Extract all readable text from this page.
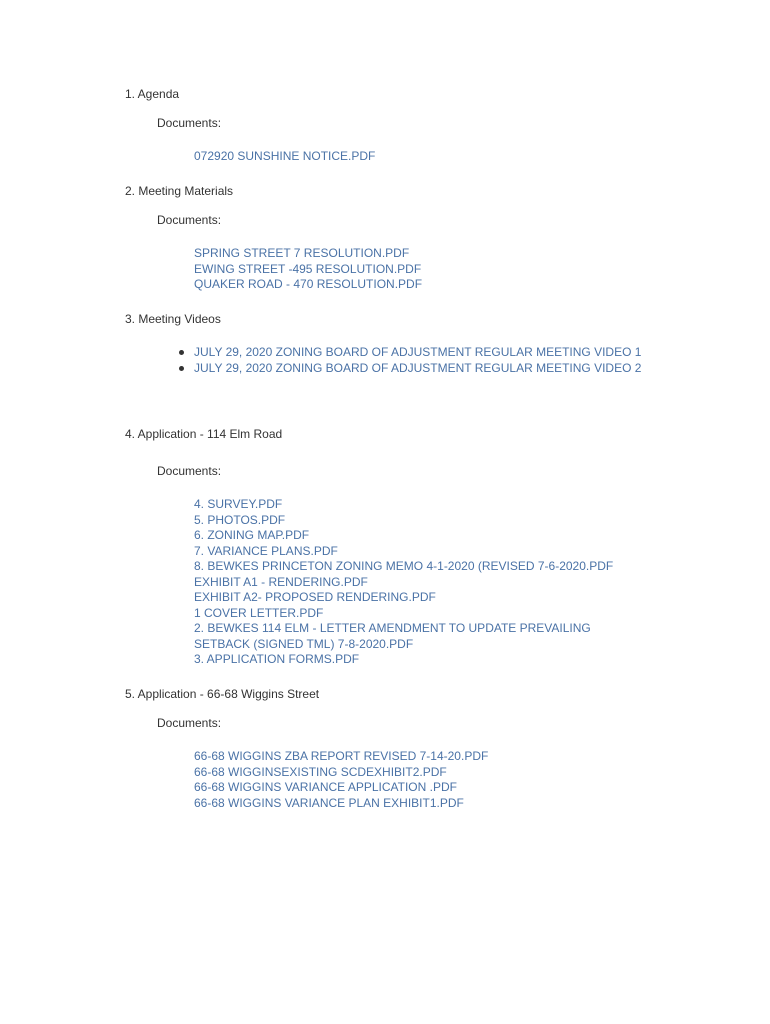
1. Agenda
Documents:
072920 SUNSHINE NOTICE.PDF
2. Meeting Materials
Documents:
SPRING STREET 7 RESOLUTION.PDF
EWING STREET -495 RESOLUTION.PDF
QUAKER ROAD - 470 RESOLUTION.PDF
3. Meeting Videos
JULY 29, 2020 ZONING BOARD OF ADJUSTMENT REGULAR MEETING VIDEO 1
JULY 29, 2020 ZONING BOARD OF ADJUSTMENT REGULAR MEETING VIDEO 2
4. Application - 114 Elm Road
Documents:
4. SURVEY.PDF
5. PHOTOS.PDF
6. ZONING MAP.PDF
7. VARIANCE PLANS.PDF
8. BEWKES PRINCETON ZONING MEMO 4-1-2020 (REVISED 7-6-2020.PDF
EXHIBIT A1 - RENDERING.PDF
EXHIBIT A2- PROPOSED RENDERING.PDF
1 COVER LETTER.PDF
2. BEWKES 114 ELM - LETTER AMENDMENT TO UPDATE PREVAILING SETBACK (SIGNED TML) 7-8-2020.PDF
3. APPLICATION FORMS.PDF
5. Application - 66-68 Wiggins Street
Documents:
66-68 WIGGINS ZBA REPORT REVISED 7-14-20.PDF
66-68 WIGGINSEXISTING SCDEXHIBIT2.PDF
66-68 WIGGINS VARIANCE APPLICATION .PDF
66-68 WIGGINS VARIANCE PLAN EXHIBIT1.PDF
